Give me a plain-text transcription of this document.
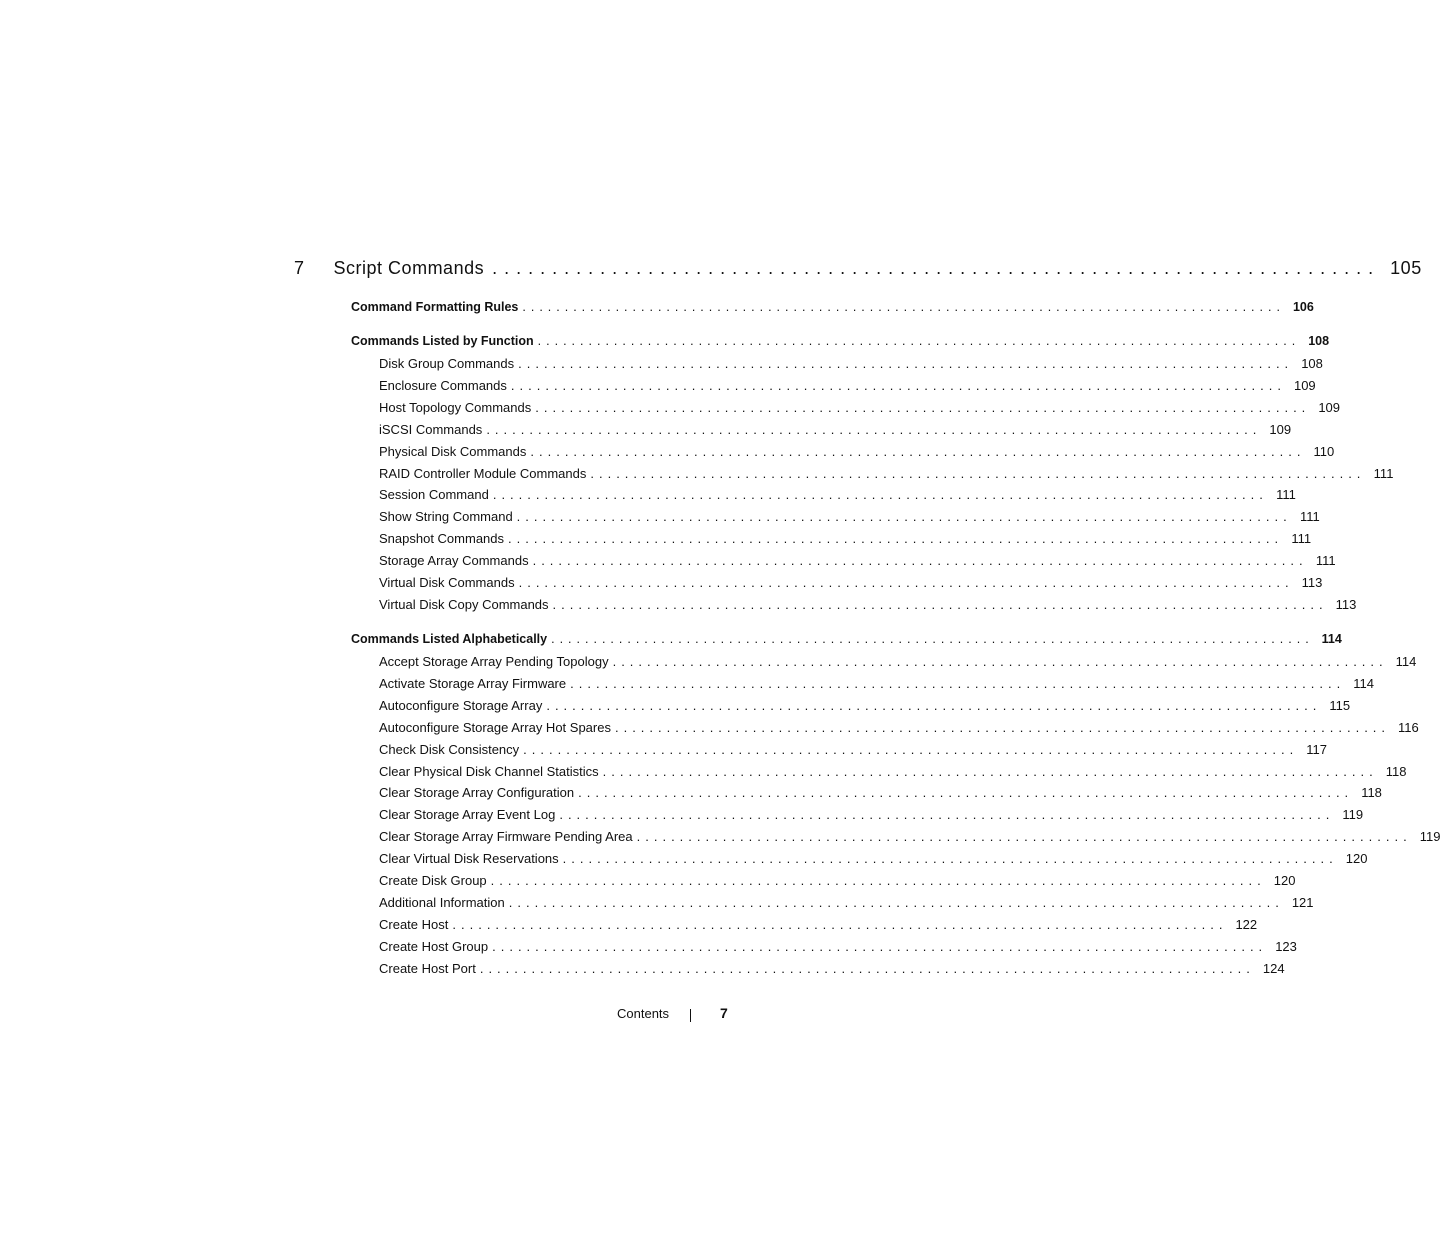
7 Script Commands .......................................................................... 105
Command Formatting Rules .......................................................................................... 106
Commands Listed by Function .......................................................................................... 108
Disk Group Commands .......................................................................................... 108
Enclosure Commands .......................................................................................... 109
Host Topology Commands .......................................................................................... 109
iSCSI Commands .......................................................................................... 109
Physical Disk Commands .......................................................................................... 110
RAID Controller Module Commands .......................................................................................... 111
Session Command .......................................................................................... 111
Show String Command .......................................................................................... 111
Snapshot Commands .......................................................................................... 111
Storage Array Commands .......................................................................................... 111
Virtual Disk Commands .......................................................................................... 113
Virtual Disk Copy Commands .......................................................................................... 113
Commands Listed Alphabetically .......................................................................................... 114
Accept Storage Array Pending Topology .......................................................................................... 114
Activate Storage Array Firmware .......................................................................................... 114
Autoconfigure Storage Array .......................................................................................... 115
Autoconfigure Storage Array Hot Spares .......................................................................................... 116
Check Disk Consistency .......................................................................................... 117
Clear Physical Disk Channel Statistics .......................................................................................... 118
Clear Storage Array Configuration .......................................................................................... 118
Clear Storage Array Event Log .......................................................................................... 119
Clear Storage Array Firmware Pending Area .......................................................................................... 119
Clear Virtual Disk Reservations .......................................................................................... 120
Create Disk Group .......................................................................................... 120
Additional Information .......................................................................................... 121
Create Host .......................................................................................... 122
Create Host Group .......................................................................................... 123
Create Host Port .......................................................................................... 124
Contents	7
